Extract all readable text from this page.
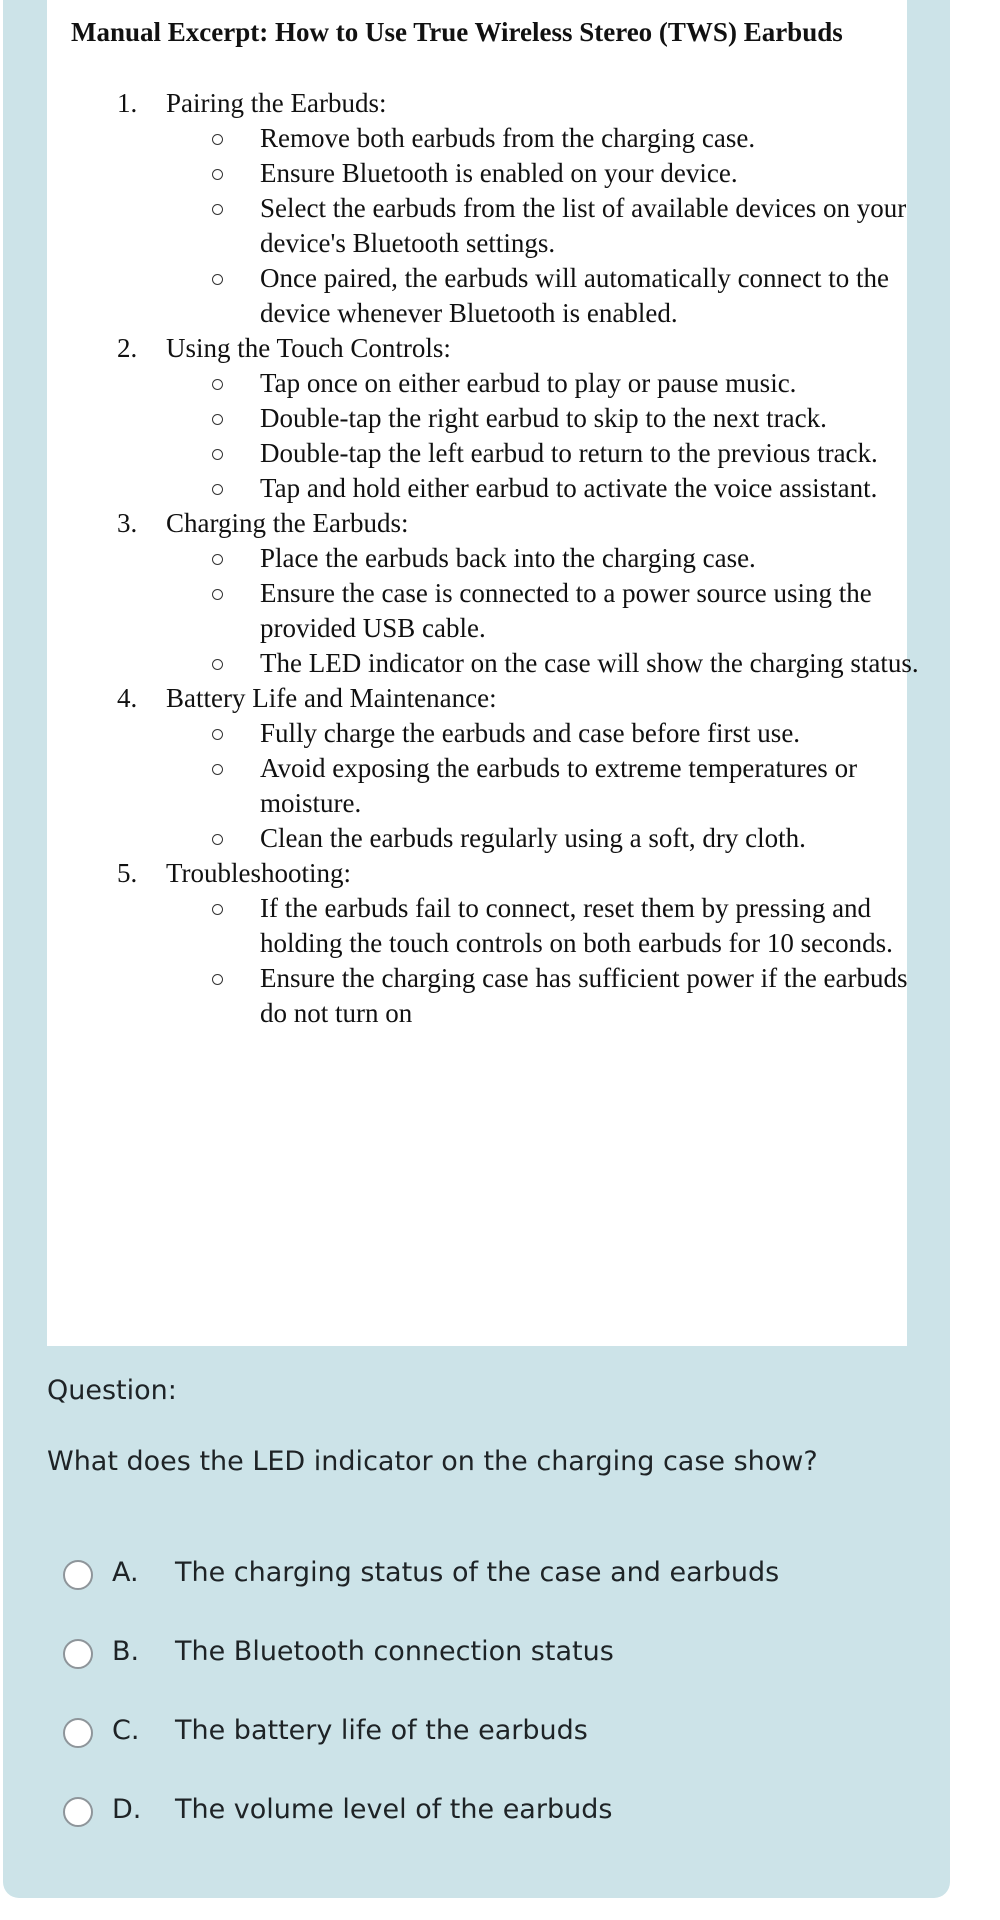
Manual Excerpt: How to Use True Wireless Stereo (TWS) Earbuds
1. Pairing the Earbuds:
Remove both earbuds from the charging case.
Ensure Bluetooth is enabled on your device.
Select the earbuds from the list of available devices on your device's Bluetooth settings.
Once paired, the earbuds will automatically connect to the device whenever Bluetooth is enabled.
2. Using the Touch Controls:
Tap once on either earbud to play or pause music.
Double-tap the right earbud to skip to the next track.
Double-tap the left earbud to return to the previous track.
Tap and hold either earbud to activate the voice assistant.
3. Charging the Earbuds:
Place the earbuds back into the charging case.
Ensure the case is connected to a power source using the provided USB cable.
The LED indicator on the case will show the charging status.
4. Battery Life and Maintenance:
Fully charge the earbuds and case before first use.
Avoid exposing the earbuds to extreme temperatures or moisture.
Clean the earbuds regularly using a soft, dry cloth.
5. Troubleshooting:
If the earbuds fail to connect, reset them by pressing and holding the touch controls on both earbuds for 10 seconds.
Ensure the charging case has sufficient power if the earbuds do not turn on

Question:

What does the LED indicator on the charging case show?

A. The charging status of the case and earbuds
B. The Bluetooth connection status
C. The battery life of the earbuds
D. The volume level of the earbuds
